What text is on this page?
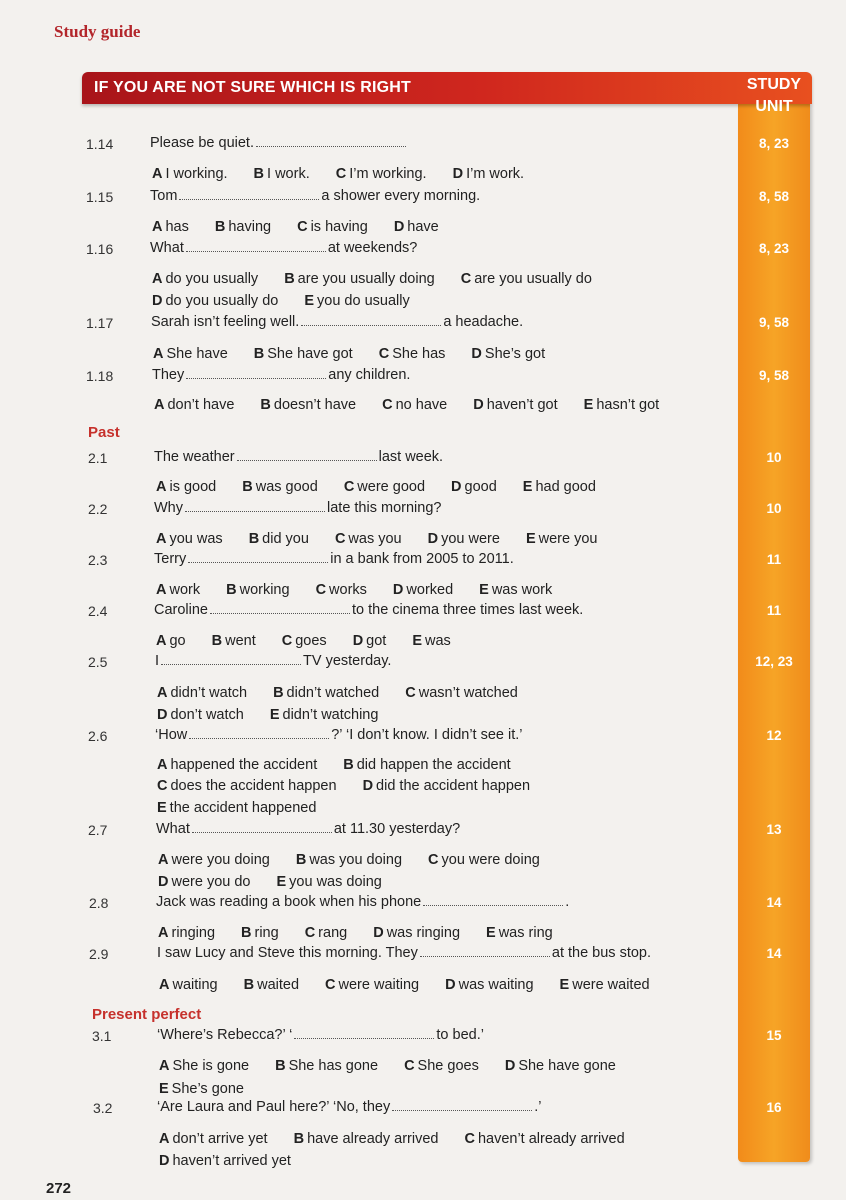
Study guide
IF YOU ARE NOT SURE WHICH IS RIGHT	STUDY
UNIT
Past
Present perfect
1.14	Please be quiet.
A I working. B I work. C I’m working. D I’m work.
8, 23
1.15	Tom	a shower every morning.
A has B having C is having D have
8, 58
1.16	What	at weekends?
A do you usually B are you usually doing C are you usually do
D do you usually do E you do usually
8, 23
1.17	Sarah isn’t feeling well.	a headache.
A She have B She have got C She has D She’s got
9, 58
1.18	They	any children.
A don’t have B doesn’t have C no have D haven’t got E hasn’t got
9, 58
2.1	The weather	last week.
A is good B was good C were good D good E had good
10
2.2	Why	late this morning?
A you was B did you C was you D you were E were you
10
2.3	Terry	in a bank from 2005 to 2011.
A work B working C works D worked E was work
11
2.4	Caroline	to the cinema three times last week.
A go B went C goes D got E was
11
2.5	I	TV yesterday.
A didn’t watch B didn’t watched C wasn’t watched
D don’t watch E didn’t watching
12, 23
2.6	‘How	?’ ‘I don’t know. I didn’t see it.’
A happened the accident B did happen the accident
C does the accident happen D did the accident happen
E the accident happened
12
2.7	What	at 11.30 yesterday?
A were you doing B was you doing C you were doing
D were you do E you was doing
13
2.8	Jack was reading a book when his phone	.
A ringing B ring C rang D was ringing E was ring
14
2.9	I saw Lucy and Steve this morning. They	at the bus stop.
A waiting B waited C were waiting D was waiting E were waited
14
3.1	‘Where’s Rebecca?’ ‘	to bed.’
A She is gone B She has gone C She goes D She have gone
E She’s gone
15
3.2	‘Are Laura and Paul here?’ ‘No, they	.’
A don’t arrive yet B have already arrived C haven’t already arrived
D haven’t arrived yet
16
272
